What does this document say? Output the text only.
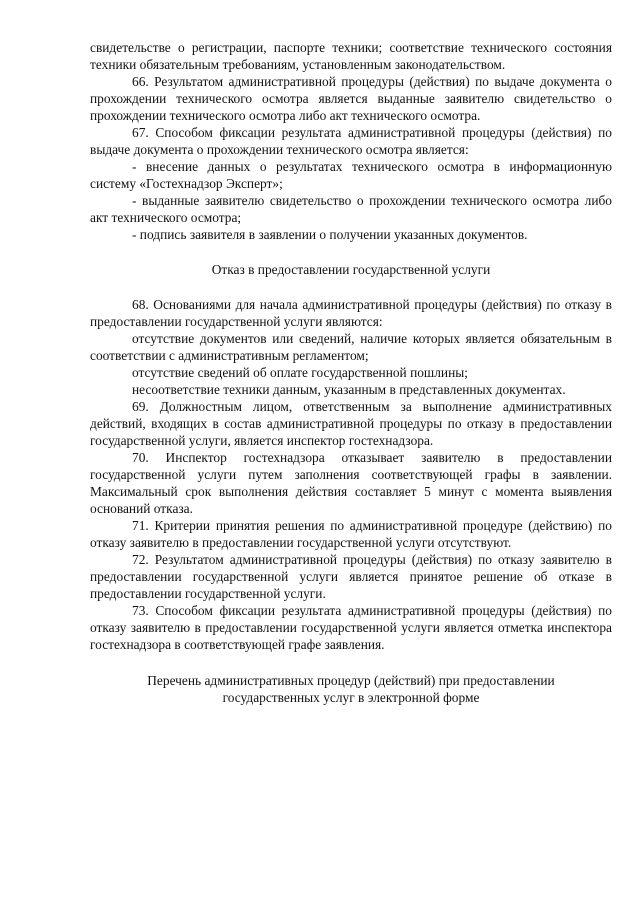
свидетельстве о регистрации, паспорте техники; соответствие технического состояния техники обязательным требованиям, установленным законодательством.

66. Результатом административной процедуры (действия) по выдаче документа о прохождении технического осмотра является выданные заявителю свидетельство о прохождении технического осмотра либо акт технического осмотра.

67. Способом фиксации результата административной процедуры (действия) по выдаче документа о прохождении технического осмотра является:

- внесение данных о результатах технического осмотра в информационную систему «Гостехнадзор Эксперт»;

- выданные заявителю свидетельство о прохождении технического осмотра либо акт технического осмотра;

- подпись заявителя в заявлении о получении указанных документов.

Отказ в предоставлении государственной услуги

68. Основаниями для начала административной процедуры (действия) по отказу в предоставлении государственной услуги являются:

отсутствие документов или сведений, наличие которых является обязательным в соответствии с административным регламентом;

отсутствие сведений об оплате государственной пошлины;

несоответствие техники данным, указанным в представленных документах.

69. Должностным лицом, ответственным за выполнение административных действий, входящих в состав административной процедуры по отказу в предоставлении государственной услуги, является инспектор гостехнадзора.

70. Инспектор гостехнадзора отказывает заявителю в предоставлении государственной услуги путем заполнения соответствующей графы в заявлении. Максимальный срок выполнения действия составляет 5 минут с момента выявления оснований отказа.

71. Критерии принятия решения по административной процедуре (действию) по отказу заявителю в предоставлении государственной услуги отсутствуют.

72. Результатом административной процедуры (действия) по отказу заявителю в предоставлении государственной услуги является принятое решение об отказе в предоставлении государственной услуги.

73. Способом фиксации результата административной процедуры (действия) по отказу заявителю в предоставлении государственной услуги является отметка инспектора гостехнадзора в соответствующей графе заявления.

Перечень административных процедур (действий) при предоставлении
государственных услуг в электронной форме
